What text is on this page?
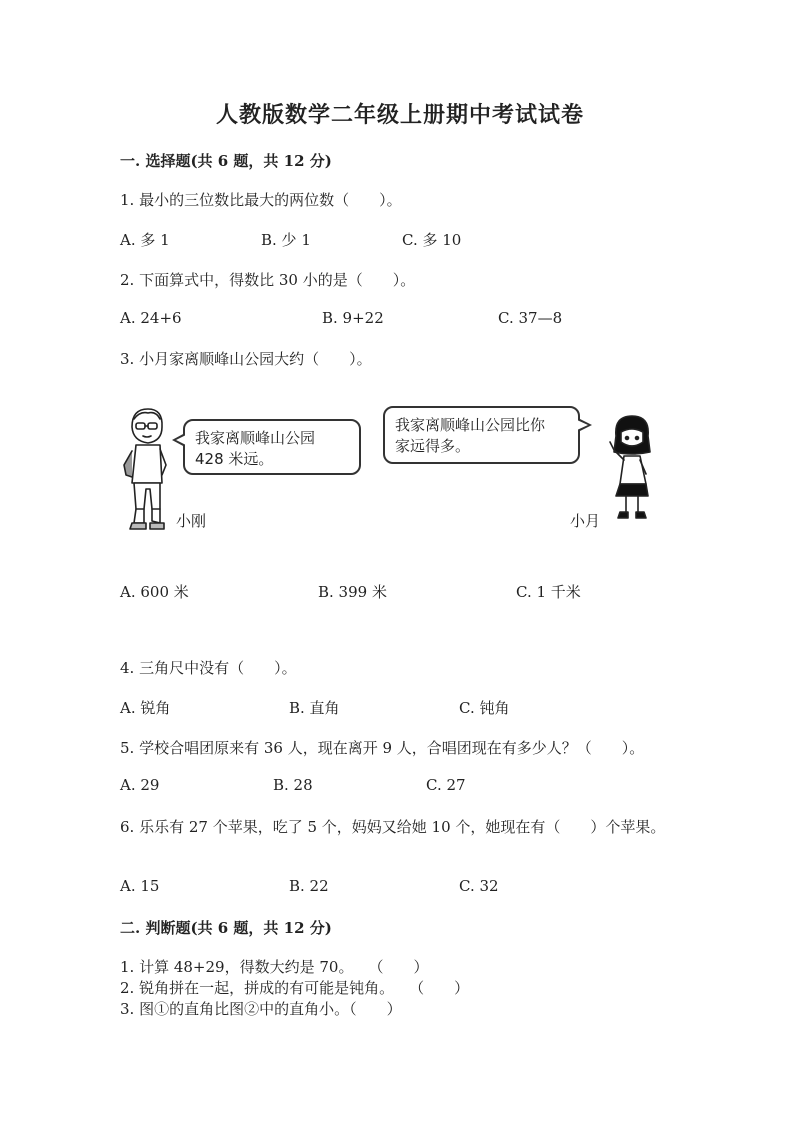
人教版数学二年级上册期中考试试卷
一. 选择题(共 6 题，共 12 分)
1. 最小的三位数比最大的两位数（　　）。
A. 多 1	B. 少 1	C. 多 10
2. 下面算式中，得数比 30 小的是（　　）。
A. 24+6	B. 9+22	C. 37—8
3. 小月家离顺峰山公园大约（　　）。
我家离顺峰山公园
428 米远。
小刚
我家离顺峰山公园比你
家远得多。
小月
A. 600 米	B. 399 米	C. 1 千米
4. 三角尺中没有（　　）。
A. 锐角	B. 直角	C. 钝角
5. 学校合唱团原来有 36 人，现在离开 9 人，合唱团现在有多少人？（　　）。
A. 29	B. 28	C. 27
6. 乐乐有 27 个苹果，吃了 5 个，妈妈又给她 10 个，她现在有（　　）个苹果。
A. 15	B. 22	C. 32
二. 判断题(共 6 题，共 12 分)
1. 计算 48+29，得数大约是 70。　　（　　）
2. 锐角拼在一起，拼成的有可能是钝角。　　（　　）
3. 图①的直角比图②中的直角小。（　　）
